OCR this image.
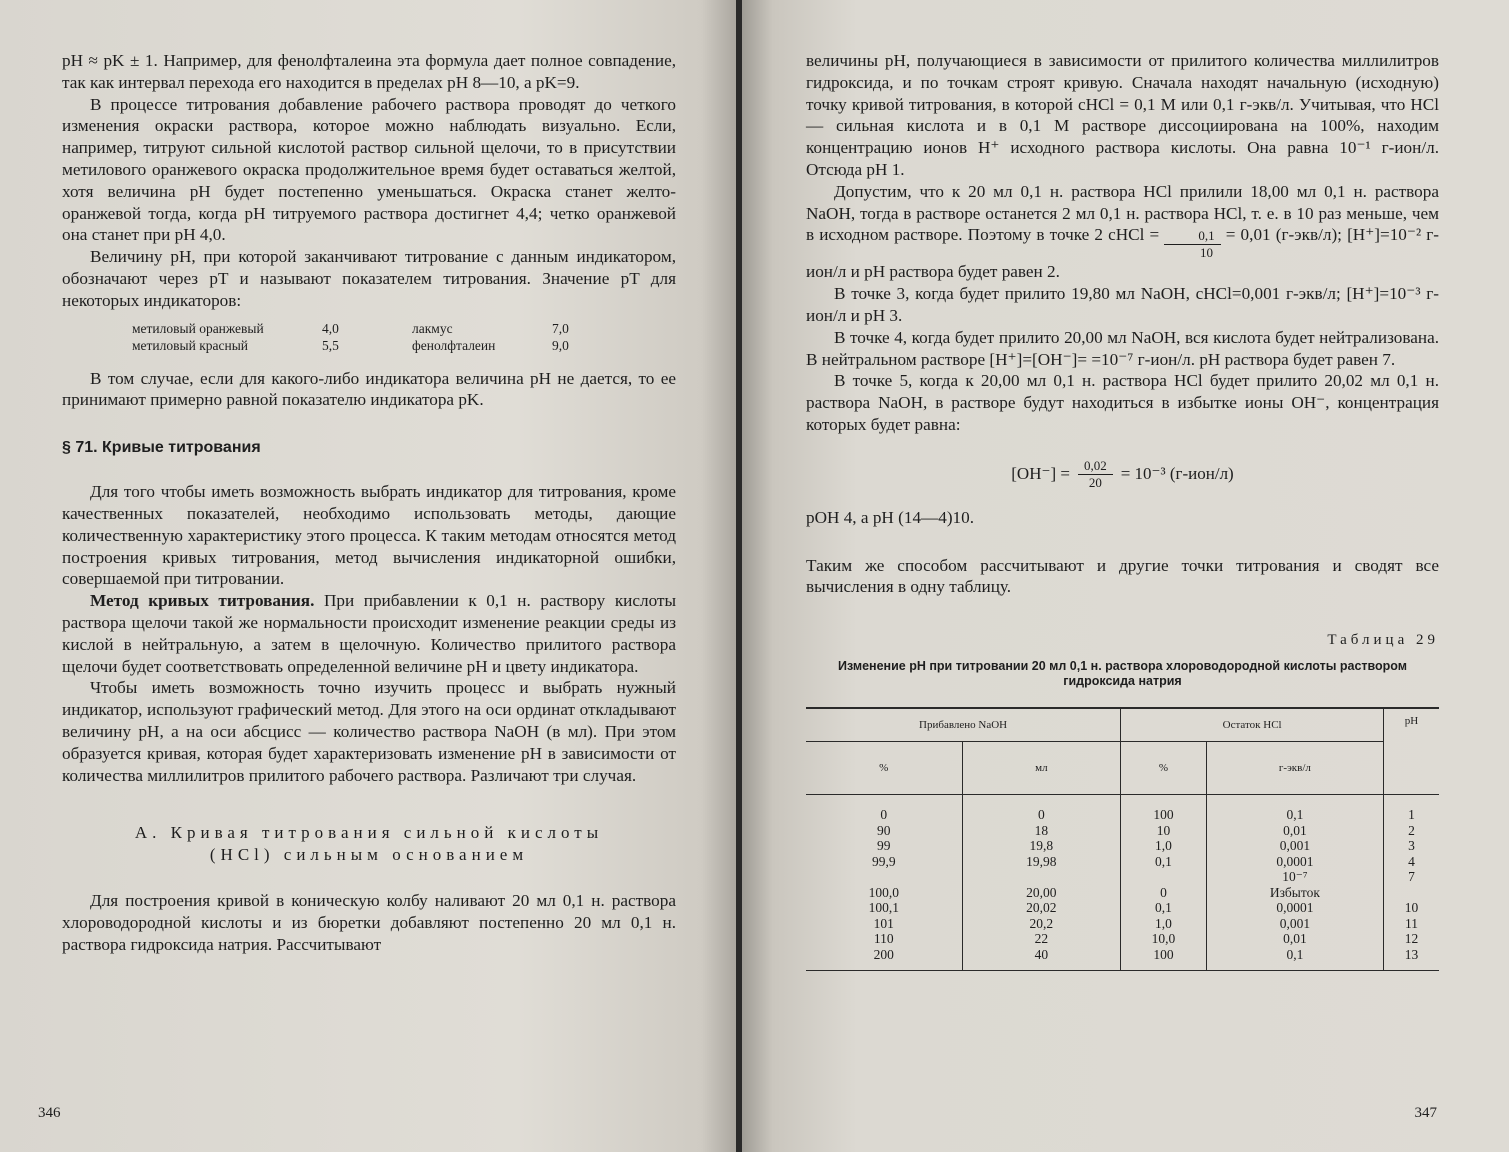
pH ≈ pK ± 1. Например, для фенолфталеина эта формула дает полное совпадение, так как интервал перехода его находится в пределах pH 8—10, а pK=9.

В процессе титрования добавление рабочего раствора проводят до четкого изменения окраски раствора, которое можно наблюдать визуально. Если, например, титруют сильной кислотой раствор сильной щелочи, то в присутствии метилового оранжевого окраска продолжительное время будет оставаться желтой, хотя величина pH будет постепенно уменьшаться. Окраска станет желто-оранжевой тогда, когда pH титруемого раствора достигнет 4,4; четко оранжевой она станет при pH 4,0.

Величину pH, при которой заканчивают титрование с данным индикатором, обозначают через pT и называют показателем титрования. Значение pT для некоторых индикаторов:

метиловый оранжевый	4,0	лакмус	7,0
метиловый красный	5,5	фенолфталеин	9,0

В том случае, если для какого-либо индикатора величина pH не дается, то ее принимают примерно равной показателю индикатора pK.

§ 71. Кривые титрования

Для того чтобы иметь возможность выбрать индикатор для титрования, кроме качественных показателей, необходимо использовать методы, дающие количественную характеристику этого процесса. К таким методам относятся метод построения кривых титрования, метод вычисления индикаторной ошибки, совершаемой при титровании.

Метод кривых титрования. При прибавлении к 0,1 н. раствору кислоты раствора щелочи такой же нормальности происходит изменение реакции среды из кислой в нейтральную, а затем в щелочную. Количество прилитого раствора щелочи будет соответствовать определенной величине pH и цвету индикатора.

Чтобы иметь возможность точно изучить процесс и выбрать нужный индикатор, используют графический метод. Для этого на оси ординат откладывают величину pH, а на оси абсцисс — количество раствора NaOH (в мл). При этом образуется кривая, которая будет характеризовать изменение pH в зависимости от количества миллилитров прилитого рабочего раствора. Различают три случая.

А. Кривая титрования сильной кислоты
(HCl) сильным основанием

Для построения кривой в коническую колбу наливают 20 мл 0,1 н. раствора хлороводородной кислоты и из бюретки добавляют постепенно 20 мл 0,1 н. раствора гидроксида натрия. Рассчитывают

346

величины pH, получающиеся в зависимости от прилитого количества миллилитров гидроксида, и по точкам строят кривую. Сначала находят начальную (исходную) точку кривой титрования, в которой cHCl = 0,1 M или 0,1 г-экв/л. Учитывая, что HCl — сильная кислота и в 0,1 M растворе диссоциирована на 100%, находим концентрацию ионов H⁺ исходного раствора кислоты. Она равна 10⁻¹ г-ион/л. Отсюда pH 1.

Допустим, что к 20 мл 0,1 н. раствора HCl прилили 18,00 мл 0,1 н. раствора NaOH, тогда в растворе останется 2 мл 0,1 н. раствора HCl, т. е. в 10 раз меньше, чем в исходном растворе. Поэтому в точке 2 cHCl = $\frac{0,1}{10} = 0,01$ (г-экв/л); [H⁺]=10⁻² г-ион/л и pH раствора будет равен 2.

В точке 3, когда будет прилито 19,80 мл NaOH, cHCl=0,001 г-экв/л; [H⁺]=10⁻³ г-ион/л и pH 3.

В точке 4, когда будет прилито 20,00 мл NaOH, вся кислота будет нейтрализована. В нейтральном растворе [H⁺]=[OH⁻]= =10⁻⁷ г-ион/л. pH раствора будет равен 7.

В точке 5, когда к 20,00 мл 0,1 н. раствора HCl будет прилито 20,02 мл 0,1 н. раствора NaOH, в растворе будут находиться в избытке ионы OH⁻, концентрация которых будет равна:

$[OH^-] = \frac{0,02}{20} = 10^{-3}$ (г-ион/л)

pOH 4, а pH (14—4)10.

Таким же способом рассчитывают и другие точки титрования и сводят все вычисления в одну таблицу.

Таблица 29
Изменение pH при титровании 20 мл 0,1 н. раствора хлороводородной кислоты раствором гидроксида натрия
Прибавлено NaOH		Остаток HCl		pH
%	мл	%	г-экв/л	
0	0	100	0,1	1
90	18	10	0,01	2
99	19,8	1,0	0,001	3
99,9	19,98	0,1	0,0001	4
			10⁻⁷	7
100,0	20,00	0	Избыток	
100,1	20,02	0,1	0,0001	10
101	20,2	1,0	0,001	11
110	22	10,0	0,01	12
200	40	100	0,1	13
347
